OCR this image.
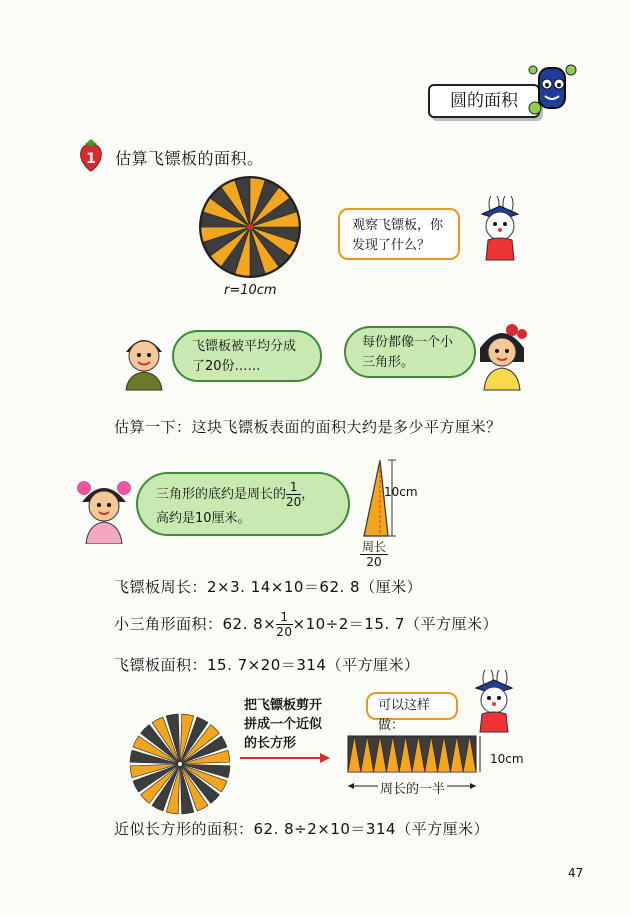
圆的面积
1 估算飞镖板的面积。
r=10cm
观察飞镖板，你发现了什么？
飞镖板被平均分成了20份……
每份都像一个小三角形。
估算一下：这块飞镖板表面的面积大约是多少平方厘米？
三角形的底约是周长的 $\frac{1}{20}$ ，
高约是10厘米。
10cm
周长
20
飞镖板周长：2×3. 14×10＝62. 8（厘米）
小三角形面积：62. $8\times \frac{1}{20} \times 10\div 2=15$. 7（平方厘米）
飞镖板面积：15. 7×20＝314（平方厘米）
可以这样做：
把飞镖板剪开
拼成一个近似
的长方形
10cm
周长的一半
近似长方形的面积：62. 8÷2×10＝314（平方厘米）
47
